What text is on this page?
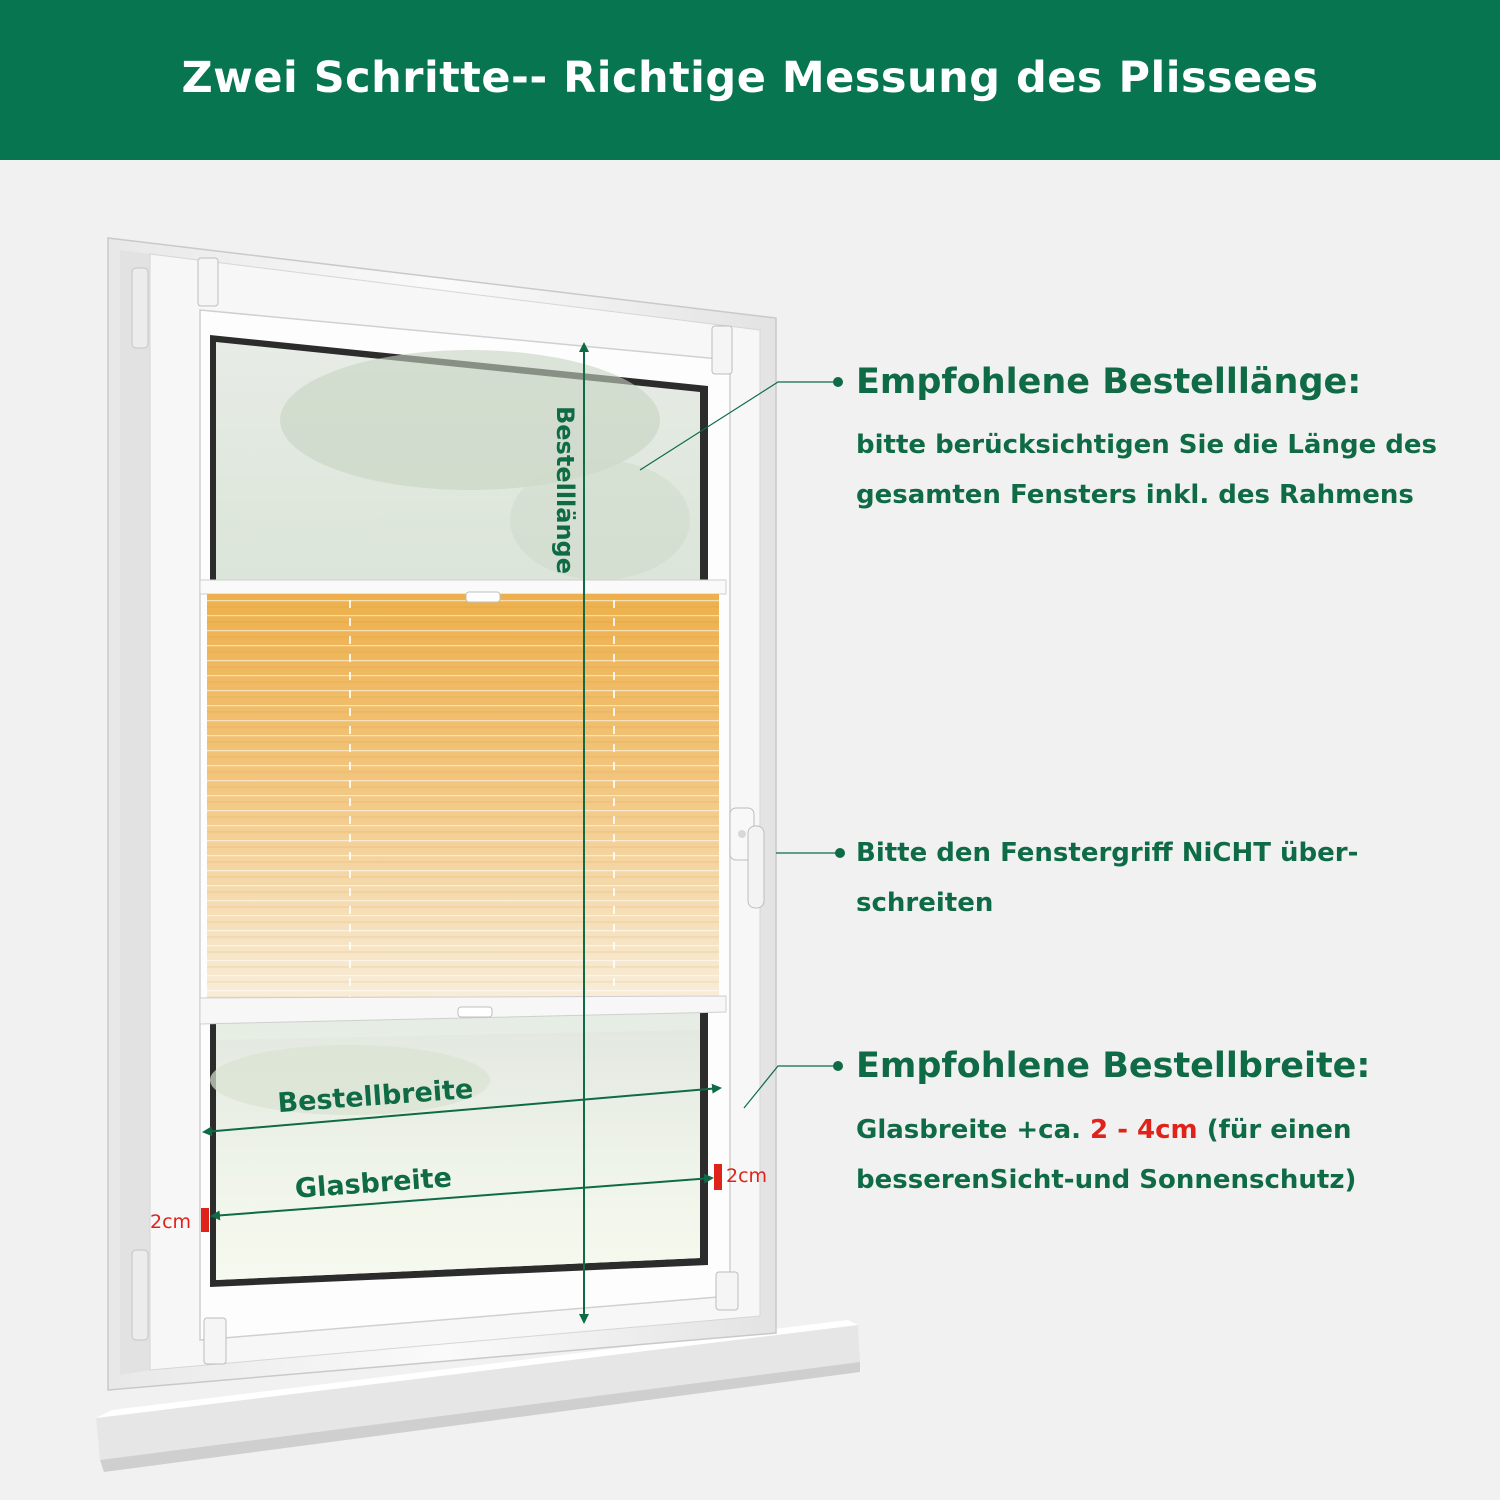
Zwei Schritte-- Richtige Messung des Plissees
Bestelllänge
Bestellbreite
Glasbreite	2cm
2cm
Empfohlene Bestelllänge:
bitte berücksichtigen Sie die Länge des
gesamten Fensters inkl. des Rahmens
Bitte den Fenstergriff NiCHT über-
schreiten
Empfohlene Bestellbreite:
Glasbreite +ca. 2 - 4cm (für einen
besserenSicht-und Sonnenschutz)
